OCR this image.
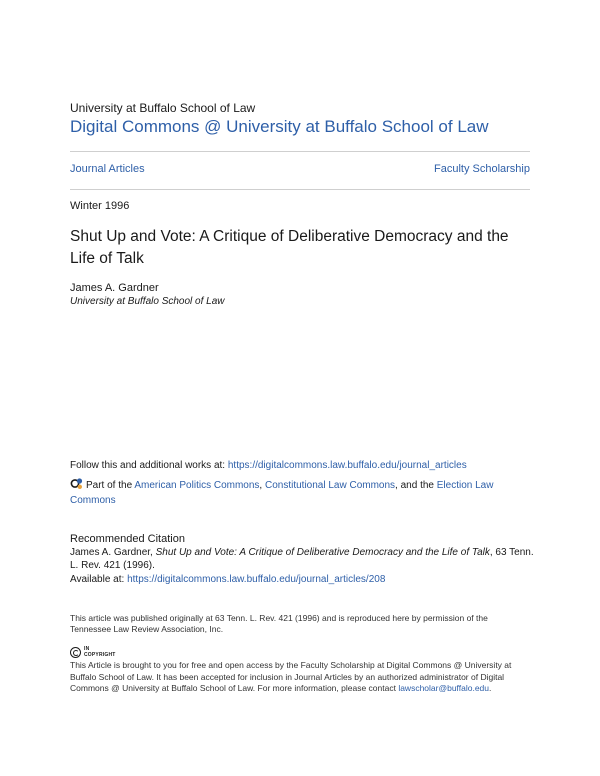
University at Buffalo School of Law
Digital Commons @ University at Buffalo School of Law
Journal Articles	Faculty Scholarship
Winter 1996
Shut Up and Vote: A Critique of Deliberative Democracy and the Life of Talk
James A. Gardner
University at Buffalo School of Law
Follow this and additional works at: https://digitalcommons.law.buffalo.edu/journal_articles
Part of the American Politics Commons, Constitutional Law Commons, and the Election Law Commons
Recommended Citation
James A. Gardner, Shut Up and Vote: A Critique of Deliberative Democracy and the Life of Talk, 63 Tenn. L. Rev. 421 (1996).
Available at: https://digitalcommons.law.buffalo.edu/journal_articles/208
This article was published originally at 63 Tenn. L. Rev. 421 (1996) and is reproduced here by permission of the Tennessee Law Review Association, Inc.
IN
COPYRIGHT
This Article is brought to you for free and open access by the Faculty Scholarship at Digital Commons @ University at Buffalo School of Law. It has been accepted for inclusion in Journal Articles by an authorized administrator of Digital Commons @ University at Buffalo School of Law. For more information, please contact lawscholar@buffalo.edu.
